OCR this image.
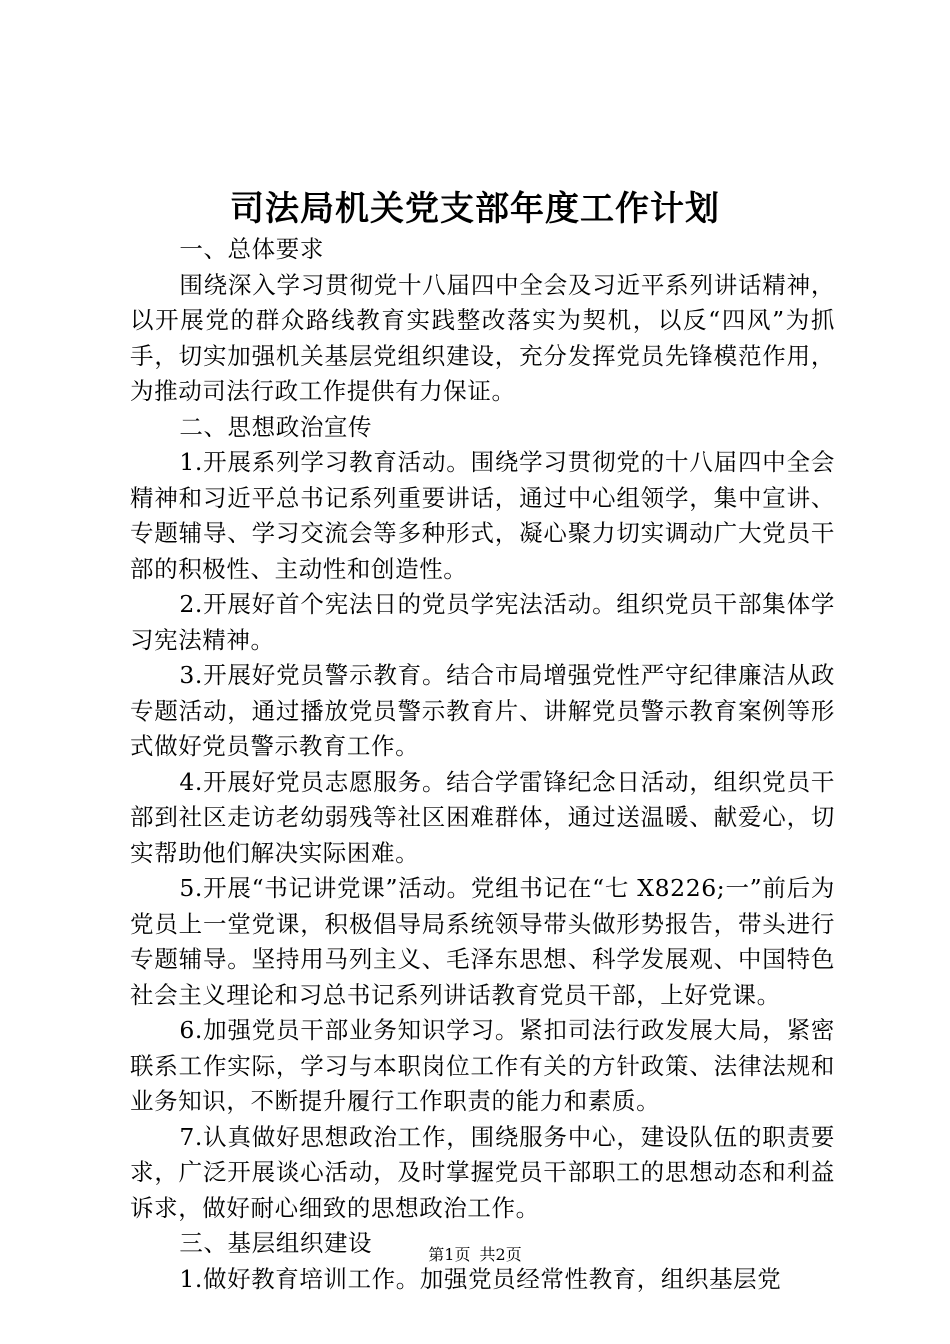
司法局机关党支部年度工作计划

一、总体要求

围绕深入学习贯彻党十八届四中全会及习近平系列讲话精神，以开展党的群众路线教育实践整改落实为契机，以反“四风”为抓手，切实加强机关基层党组织建设，充分发挥党员先锋模范作用，为推动司法行政工作提供有力保证。

二、思想政治宣传

1.开展系列学习教育活动。围绕学习贯彻党的十八届四中全会精神和习近平总书记系列重要讲话，通过中心组领学，集中宣讲、专题辅导、学习交流会等多种形式，凝心聚力切实调动广大党员干部的积极性、主动性和创造性。

2.开展好首个宪法日的党员学宪法活动。组织党员干部集体学习宪法精神。

3.开展好党员警示教育。结合市局增强党性严守纪律廉洁从政专题活动，通过播放党员警示教育片、讲解党员警示教育案例等形式做好党员警示教育工作。

4.开展好党员志愿服务。结合学雷锋纪念日活动，组织党员干部到社区走访老幼弱残等社区困难群体，通过送温暖、献爱心，切实帮助他们解决实际困难。

5.开展“书记讲党课”活动。党组书记在“七 X8226;一”前后为党员上一堂党课，积极倡导局系统领导带头做形势报告，带头进行专题辅导。坚持用马列主义、毛泽东思想、科学发展观、中国特色社会主义理论和习总书记系列讲话教育党员干部，上好党课。

6.加强党员干部业务知识学习。紧扣司法行政发展大局，紧密联系工作实际，学习与本职岗位工作有关的方针政策、法律法规和业务知识，不断提升履行工作职责的能力和素质。

7.认真做好思想政治工作，围绕服务中心，建设队伍的职责要求，广泛开展谈心活动，及时掌握党员干部职工的思想动态和利益诉求，做好耐心细致的思想政治工作。

三、基层组织建设

1.做好教育培训工作。加强党员经常性教育，组织基层党

第1页 共2页
